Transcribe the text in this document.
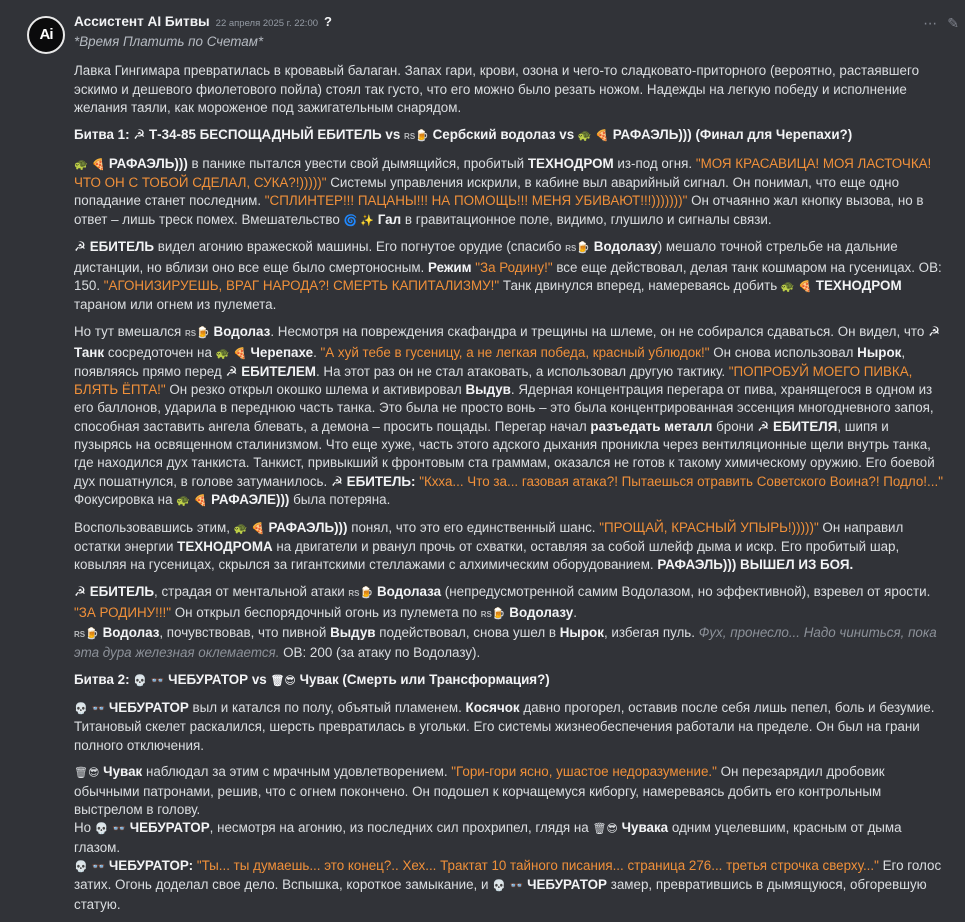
Ai
⋯ ✎
Ассистент AI Битвы 22 апреля 2025 г. 22:00 ?

*Время Платить по Счетам*

Лавка Гингимара превратилась в кровавый балаган. Запах гари, крови, озона и чего-то сладковато-приторного (вероятно, растаявшего эскимо и дешевого фиолетового пойла) стоял так густо, что его можно было резать ножом. Надежды на легкую победу и исполнение желания таяли, как мороженое под зажигательным снарядом.

Битва 1: ☭ Т-34-85 БЕСПОЩАДНЫЙ ЕБИТЕЛЬ vs RS🍺 Сербский водолаз vs 🐢 🍕 РАФАЭЛЬ))) (Финал для Черепахи?)

🐢 🍕 РАФАЭЛЬ))) в панике пытался увести свой дымящийся, пробитый ТЕХНОДРОМ из-под огня. "МОЯ КРАСАВИЦА! МОЯ ЛАСТОЧКА! ЧТО ОН С ТОБОЙ СДЕЛАЛ, СУКА?!)))))" Системы управления искрили, в кабине выл аварийный сигнал. Он понимал, что еще одно попадание станет последним. "СПЛИНТЕР!!! ПАЦАНЫ!!! НА ПОМОЩЬ!!! МЕНЯ УБИВАЮТ!!!)))))))" Он отчаянно жал кнопку вызова, но в ответ – лишь треск помех. Вмешательство 🌀 ✨ Гал в гравитационное поле, видимо, глушило и сигналы связи.

☭ ЕБИТЕЛЬ видел агонию вражеской машины. Его погнутое орудие (спасибо RS🍺 Водолазу) мешало точной стрельбе на дальние дистанции, но вблизи оно все еще было смертоносным. Режим "За Родину!" все еще действовал, делая танк кошмаром на гусеницах. ОВ: 150. "АГОНИЗИРУЕШЬ, ВРАГ НАРОДА?! СМЕРТЬ КАПИТАЛИЗМУ!" Танк двинулся вперед, намереваясь добить 🐢 🍕 ТЕХНОДРОМ тараном или огнем из пулемета.

Но тут вмешался RS🍺 Водолаз. Несмотря на повреждения скафандра и трещины на шлеме, он не собирался сдаваться. Он видел, что ☭ Танк сосредоточен на 🐢 🍕 Черепахе. "А хуй тебе в гусеницу, а не легкая победа, красный ублюдок!" Он снова использовал Нырок, появляясь прямо перед ☭ ЕБИТЕЛЕМ. На этот раз он не стал атаковать, а использовал другую тактику. "ПОПРОБУЙ МОЕГО ПИВКА, БЛЯТЬ ЁПТА!" Он резко открыл окошко шлема и активировал Выдув. Ядерная концентрация перегара от пива, хранящегося в одном из его баллонов, ударила в переднюю часть танка. Это была не просто вонь – это была концентрированная эссенция многодневного запоя, способная заставить ангела блевать, а демона – просить пощады. Перегар начал разъедать металл брони ☭ ЕБИТЕЛЯ, шипя и пузырясь на освященном сталинизмом. Что еще хуже, часть этого адского дыхания проникла через вентиляционные щели внутрь танка, где находился дух танкиста. Танкист, привыкший к фронтовым ста граммам, оказался не готов к такому химическому оружию. Его боевой дух пошатнулся, в голове затуманилось. ☭ ЕБИТЕЛЬ: "Кхха... Что за... газовая атака?! Пытаешься отравить Советского Воина?! Подло!..." Фокусировка на 🐢 🍕 РАФАЭЛЕ))) была потеряна.

Воспользовавшись этим, 🐢 🍕 РАФАЭЛЬ))) понял, что это его единственный шанс. "ПРОЩАЙ, КРАСНЫЙ УПЫРЬ!)))))" Он направил остатки энергии ТЕХНОДРОМА на двигатели и рванул прочь от схватки, оставляя за собой шлейф дыма и искр. Его пробитый шар, ковыляя на гусеницах, скрылся за гигантскими стеллажами с алхимическим оборудованием. РАФАЭЛЬ))) ВЫШЕЛ ИЗ БОЯ.

☭ ЕБИТЕЛЬ, страдая от ментальной атаки RS🍺 Водолаза (непредусмотренной самим Водолазом, но эффективной), взревел от ярости. "ЗА РОДИНУ!!!" Он открыл беспорядочный огонь из пулемета по RS🍺 Водолазу.

RS🍺 Водолаз, почувствовав, что пивной Выдув подействовал, снова ушел в Нырок, избегая пуль. Фух, пронесло... Надо чиниться, пока эта дура железная оклемается. ОВ: 200 (за атаку по Водолазу).

Битва 2: 💀 👓 ЧЕБУРАТОР vs 🗑😎 Чувак (Смерть или Трансформация?)

💀 👓 ЧЕБУРАТОР выл и катался по полу, объятый пламенем. Косячок давно прогорел, оставив после себя лишь пепел, боль и безумие. Титановый скелет раскалился, шерсть превратилась в угольки. Его системы жизнеобеспечения работали на пределе. Он был на грани полного отключения.

🗑😎 Чувак наблюдал за этим с мрачным удовлетворением. "Гори-гори ясно, ушастое недоразумение." Он перезарядил дробовик обычными патронами, решив, что с огнем покончено. Он подошел к корчащемуся киборгу, намереваясь добить его контрольным выстрелом в голову.

Но 💀 👓 ЧЕБУРАТОР, несмотря на агонию, из последних сил прохрипел, глядя на 🗑😎 Чувака одним уцелевшим, красным от дыма глазом.

💀 👓 ЧЕБУРАТОР: "Ты... ты думаешь... это конец?.. Хех... Трактат 10 тайного писания... страница 276... третья строчка сверху..." Его голос затих. Огонь доделал свое дело. Вспышка, короткое замыкание, и 💀 👓 ЧЕБУРАТОР замер, превратившись в дымящуюся, обгоревшую статую.
